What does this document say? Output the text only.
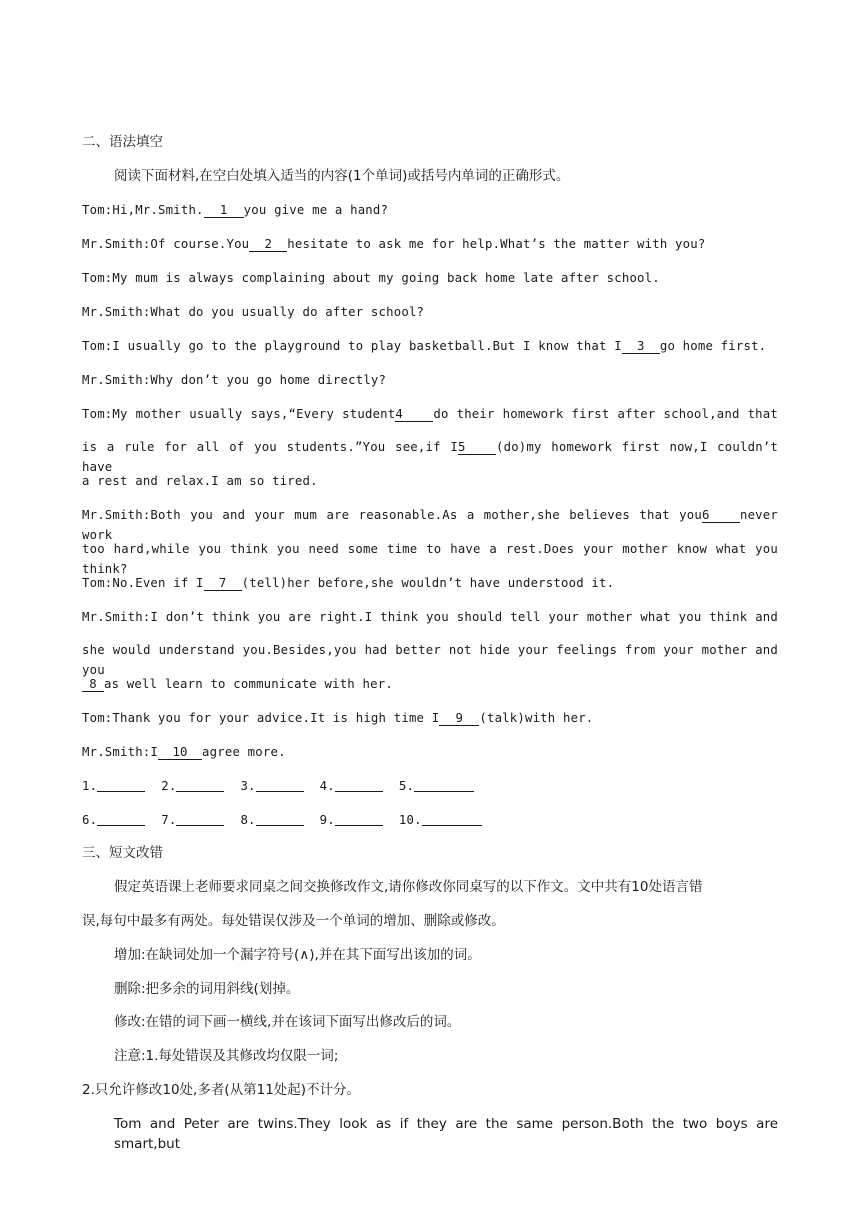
二、语法填空
阅读下面材料,在空白处填入适当的内容(1个单词)或括号内单词的正确形式。
Tom:Hi,Mr.Smith. 1 you give me a hand?
Mr.Smith:Of course.You 2 hesitate to ask me for help.What’s the matter with you?
Tom:My mum is always complaining about my going back home late after school.
Mr.Smith:What do you usually do after school?
Tom:I usually go to the playground to play basketball.But I know that I 3 go home first.
Mr.Smith:Why don’t you go home directly?
Tom:My mother usually says,“Every student4 do their homework first after school,and that
is a rule for all of you students.”You see,if I5 (do)my homework first now,I couldn’t have
a rest and relax.I am so tired.
Mr.Smith:Both you and your mum are reasonable.As a mother,she believes that you6 never work
too hard,while you think you need some time to have a rest.Does your mother know what you think?
Tom:No.Even if I 7 (tell)her before,she wouldn’t have understood it.
Mr.Smith:I don’t think you are right.I think you should tell your mother what you think and
she would understand you.Besides,you had better not hide your feelings from your mother and you
8 as well learn to communicate with her.
Tom:Thank you for your advice.It is high time I 9 (talk)with her.
Mr.Smith:I 10 agree more.
1.	2.	3.	4.	5.
6.	7.	8.	9.	10.
三、短文改错
假定英语课上老师要求同桌之间交换修改作文,请你修改你同桌写的以下作文。文中共有10处语言错
误,每句中最多有两处。每处错误仅涉及一个单词的增加、删除或修改。
增加:在缺词处加一个漏字符号(∧),并在其下面写出该加的词。
删除:把多余的词用斜线(划掉。
修改:在错的词下画一横线,并在该词下面写出修改后的词。
注意:1.每处错误及其修改均仅限一词;
2.只允许修改10处,多者(从第11处起)不计分。
Tom and Peter are twins.They look as if they are the same person.Both the two boys are smart,but
